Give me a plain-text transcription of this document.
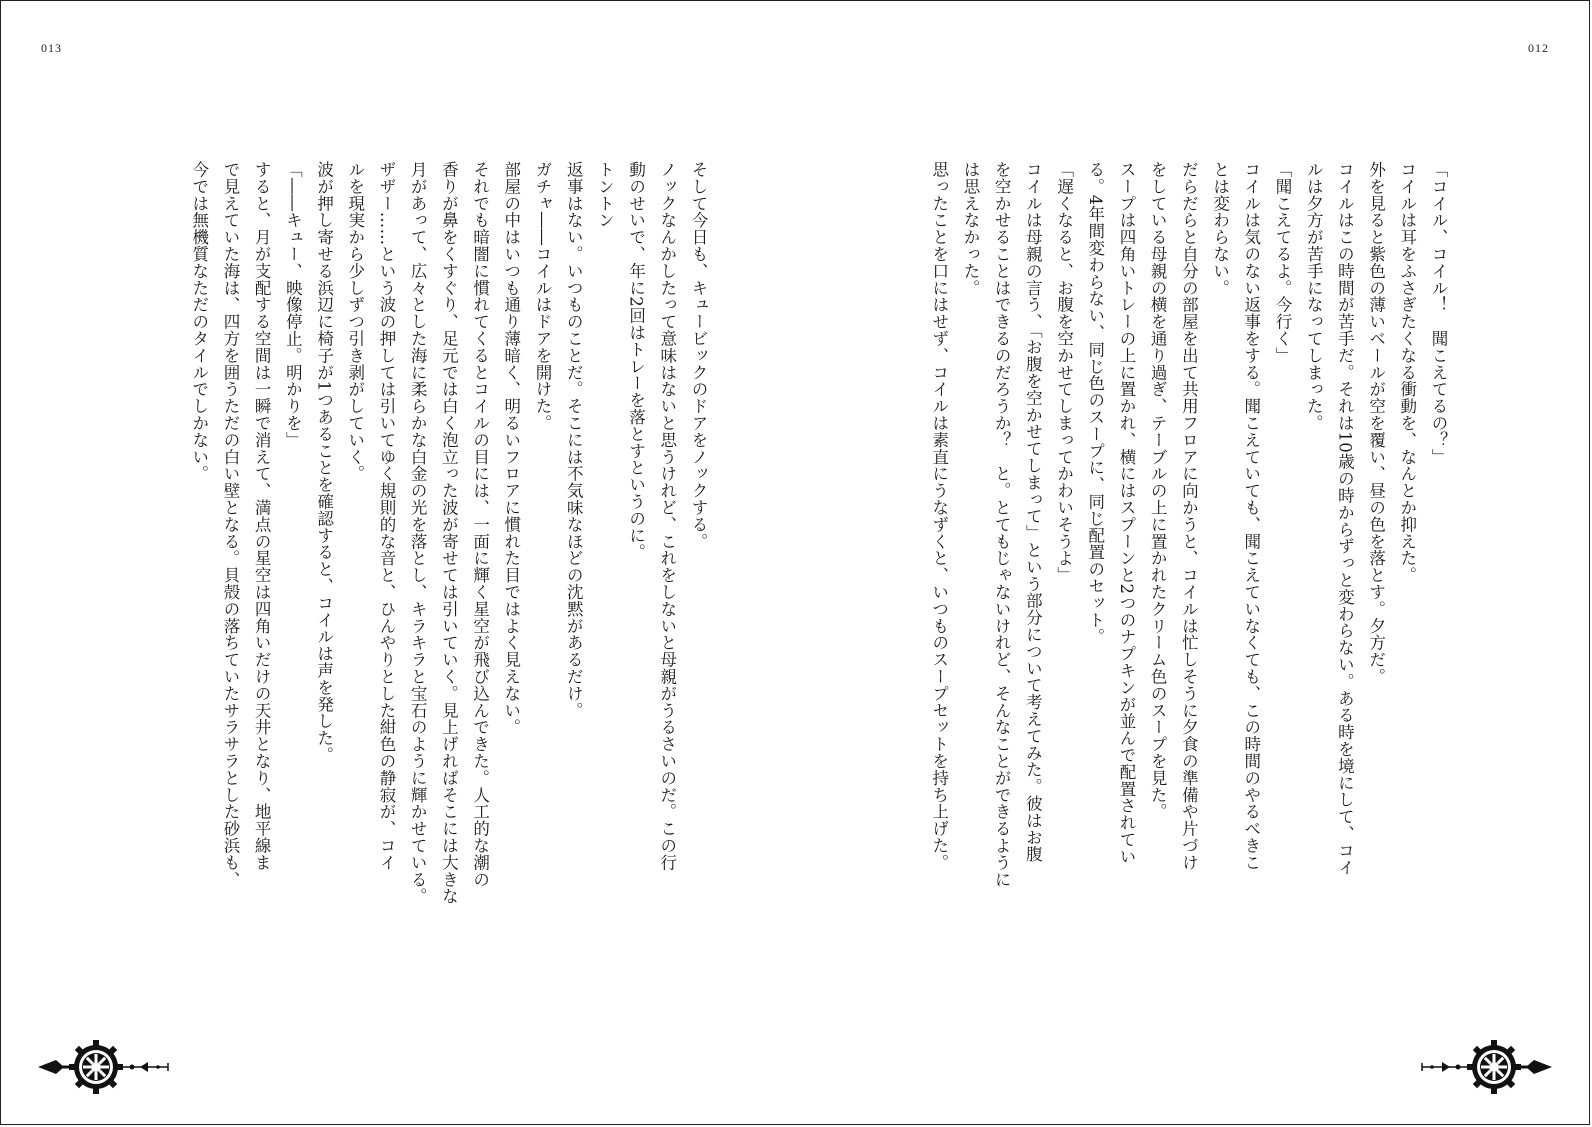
013	012

「コイル、コイル！　聞こえてるの？」

コイルは耳をふさぎたくなる衝動を、なんとか抑えた。

外を見ると紫色の薄いベールが空を覆い、昼の色を落とす。夕方だ。

コイルはこの時間が苦手だ。それは10歳の時からずっと変わらない。ある時を境にして、コイ

ルは夕方が苦手になってしまった。

「聞こえてるよ。今行く」

コイルは気のない返事をする。聞こえていても、聞こえていなくても、この時間のやるべきこ

とは変わらない。

だらだらと自分の部屋を出て共用フロアに向かうと、コイルは忙しそうに夕食の準備や片づけ

をしている母親の横を通り過ぎ、テーブルの上に置かれたクリーム色のスープを見た。

スープは四角いトレーの上に置かれ、横にはスプーンと2つのナプキンが並んで配置されてい

る。4年間変わらない、同じ色のスープに、同じ配置のセット。

「遅くなると、お腹を空かせてしまってかわいそうよ」

コイルは母親の言う、「お腹を空かせてしまって」という部分について考えてみた。彼はお腹

を空かせることはできるのだろうか？　と。とてもじゃないけれど、そんなことができるように

は思えなかった。

思ったことを口にはせず、コイルは素直にうなずくと、いつものスープセットを持ち上げた。

そして今日も、キュービックのドアをノックする。

ノックなんかしたって意味はないと思うけれど、これをしないと母親がうるさいのだ。この行

動のせいで、年に2回はトレーを落とすというのに。

トントン

返事はない。いつものことだ。そこには不気味なほどの沈黙があるだけ。

ガチャ――コイルはドアを開けた。

部屋の中はいつも通り薄暗く、明るいフロアに慣れた目ではよく見えない。

それでも暗闇に慣れてくるとコイルの目には、一面に輝く星空が飛び込んできた。人工的な潮の

香りが鼻をくすぐり、足元では白く泡立った波が寄せては引いていく。見上げればそこには大きな

月があって、広々とした海に柔らかな白金の光を落とし、キラキラと宝石のように輝かせている。

ザザー……という波の押しては引いてゆく規則的な音と、ひんやりとした紺色の静寂が、コイ

ルを現実から少しずつ引き剥がしていく。

波が押し寄せる浜辺に椅子が1つあることを確認すると、コイルは声を発した。

「――キュー、映像停止。明かりを」

すると、月が支配する空間は一瞬で消えて、満点の星空は四角いだけの天井となり、地平線ま

で見えていた海は、四方を囲うただの白い壁となる。貝殻の落ちていたサラサラとした砂浜も、

今では無機質なただのタイルでしかない。
